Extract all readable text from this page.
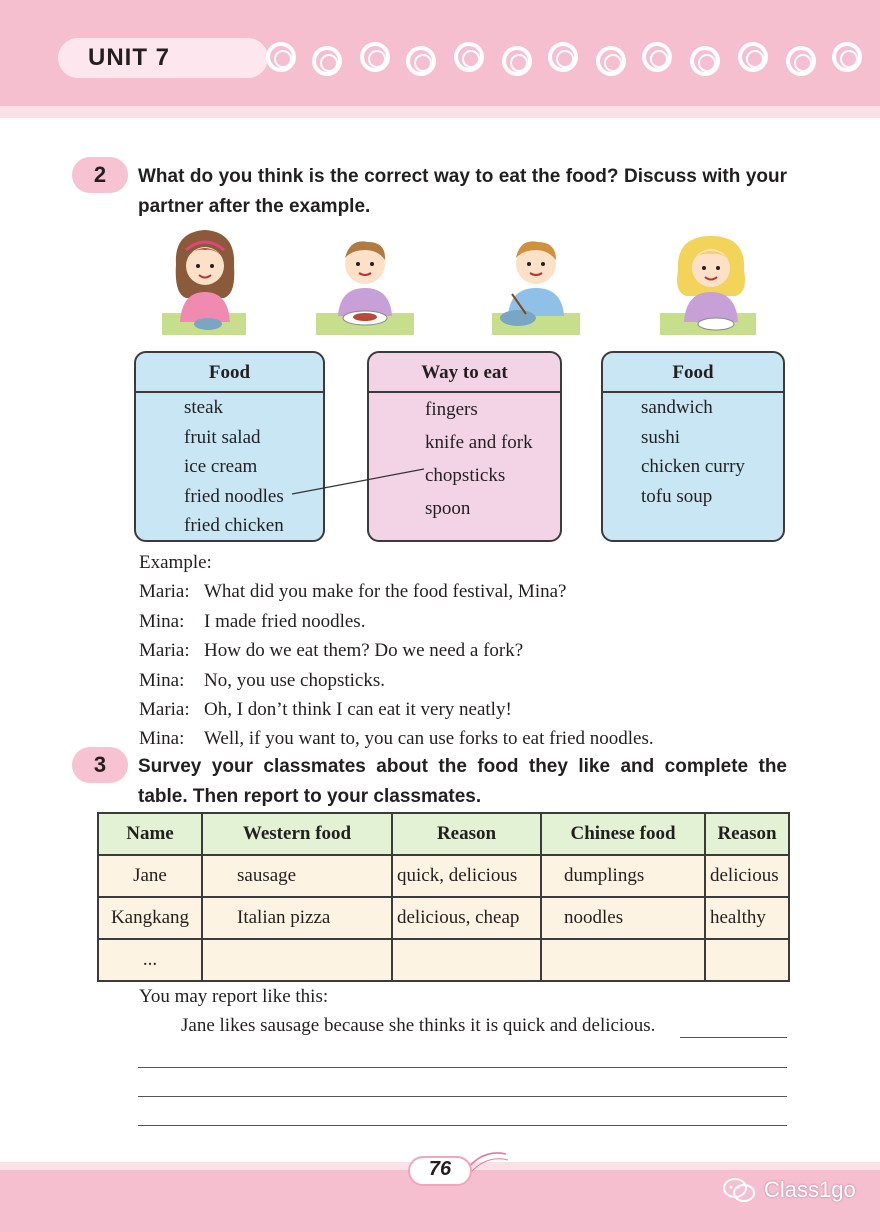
UNIT 7
2	What do you think is the correct way to eat the food? Discuss with your partner after the example.
Food
steak
fruit salad
ice cream
fried noodles
fried chicken
Way to eat
fingers
knife and fork
chopsticks
spoon
Food
sandwich
sushi
chicken curry
tofu soup
Example:
Maria: What did you make for the food festival, Mina?
Mina: I made fried noodles.
Maria: How do we eat them? Do we need a fork?
Mina: No, you use chopsticks.
Maria: Oh, I don’t think I can eat it very neatly!
Mina: Well, if you want to, you can use forks to eat fried noodles.
3	Survey your classmates about the food they like and complete the table. Then report to your classmates.
Name	Western food	Reason	Chinese food	Reason
Jane	sausage	quick, delicious	dumplings	delicious
Kangkang	Italian pizza	delicious, cheap	noodles	healthy
...				
You may report like this:
Jane likes sausage because she thinks it is quick and delicious.
76
Class1go
